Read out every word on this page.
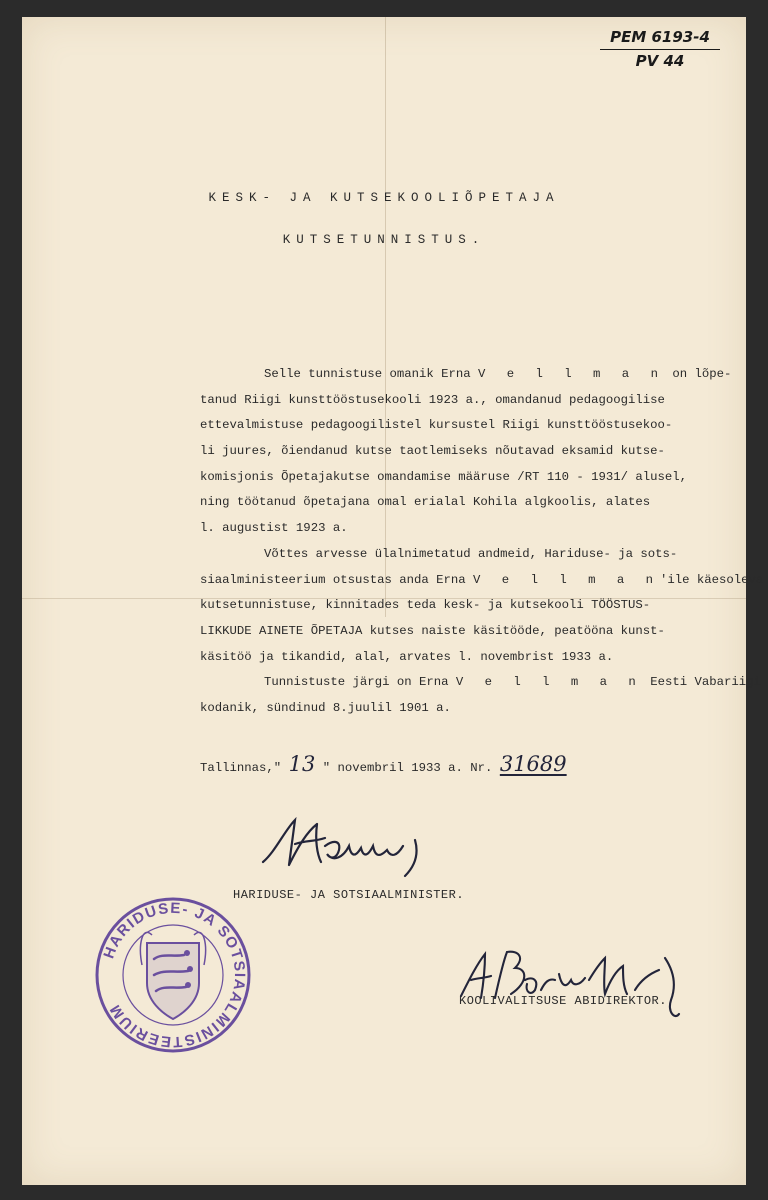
PEM 6193-4
PV 44
KESK- JA KUTSEKOOLIÕPETAJA
KUTSETUNNISTUS.
Selle tunnistuse omanik Erna V e l l m a n on lõpe-
tanud Riigi kunsttööstusekooli 1923 a., omandanud pedagoogilise
ettevalmistuse pedagoogilistel kursustel Riigi kunsttööstusekoo-
li juures, õiendanud kutse taotlemiseks nõutavad eksamid kutse-
komisjonis Õpetajakutse omandamise määruse /RT 110 - 1931/ alusel,
ning töötanud õpetajana omal erialal Kohila algkoolis, alates
l. augustist 1923 a.
Võttes arvesse ülalnimetatud andmeid, Hariduse- ja sots-
siaalministeerium otsustas anda Erna V e l l m a n'ile käesoleva
kutsetunnistuse, kinnitades teda kesk- ja kutsekooli TÖÖSTUS-
LIKKUDE AINETE ÕPETAJA kutses naiste käsitööde, peatööna kunst-
käsitöö ja tikandid, alal, arvates l. novembrist 1933 a.
Tunnistuste järgi on Erna V e l l m a n Eesti Vabariigi
kodanik, sündinud 8.juulil 1901 a.
Tallinnas," 13 " novembril 1933 a. Nr. 31689
HARIDUSE- JA SOTSIAALMINISTER.
HARIDUSE- JA SOTSIAALMINISTEERIUM	KOOLIVALITSUSE ABIDIREKTOR.
